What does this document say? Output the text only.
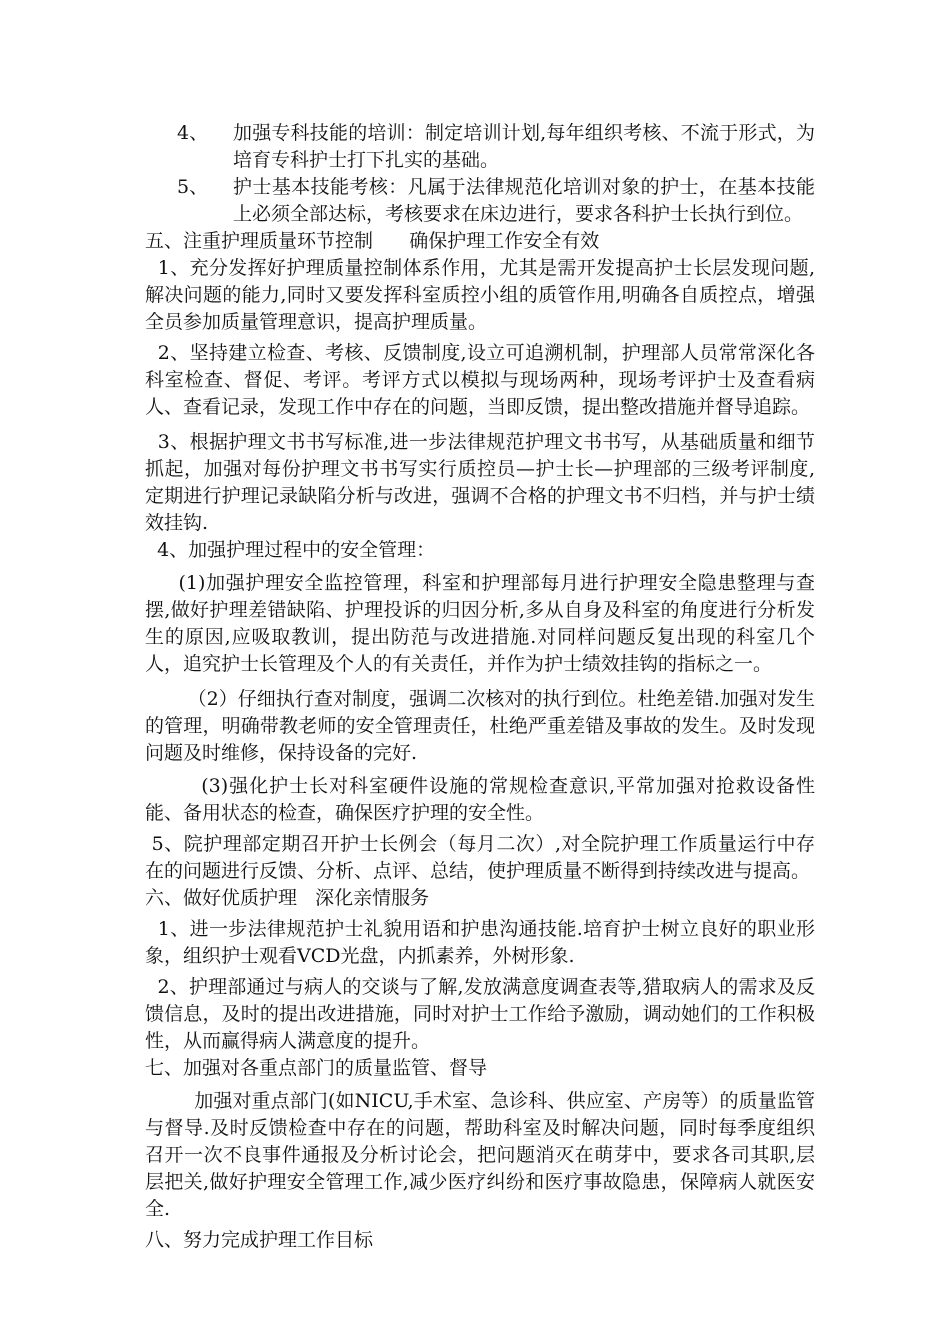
4、	加强专科技能的培训：制定培训计划,每年组织考核、不流于形式，为培育专科护士打下扎实的基础。
5、	护士基本技能考核：凡属于法律规范化培训对象的护士，在基本技能上必须全部达标，考核要求在床边进行，要求各科护士长执行到位。

五、注重护理质量环节控制      确保护理工作安全有效

1、充分发挥好护理质量控制体系作用，尤其是需开发提高护士长层发现问题,解决问题的能力,同时又要发挥科室质控小组的质管作用,明确各自质控点，增强全员参加质量管理意识，提高护理质量。

2、坚持建立检查、考核、反馈制度,设立可追溯机制，护理部人员常常深化各科室检查、督促、考评。考评方式以模拟与现场两种，现场考评护士及查看病人、查看记录，发现工作中存在的问题，当即反馈，提出整改措施并督导追踪。

3、根据护理文书书写标准,进一步法律规范护理文书书写，从基础质量和细节抓起，加强对每份护理文书书写实行质控员—护士长—护理部的三级考评制度,定期进行护理记录缺陷分析与改进，强调不合格的护理文书不归档，并与护士绩效挂钩.

4、加强护理过程中的安全管理：

(1)加强护理安全监控管理，科室和护理部每月进行护理安全隐患整理与查摆,做好护理差错缺陷、护理投诉的归因分析,多从自身及科室的角度进行分析发生的原因,应吸取教训，提出防范与改进措施.对同样问题反复出现的科室几个人，追究护士长管理及个人的有关责任，并作为护士绩效挂钩的指标之一。

（2）仔细执行查对制度，强调二次核对的执行到位。杜绝差错.加强对发生的管理，明确带教老师的安全管理责任，杜绝严重差错及事故的发生。及时发现问题及时维修，保持设备的完好.

(3)强化护士长对科室硬件设施的常规检查意识,平常加强对抢救设备性能、备用状态的检查，确保医疗护理的安全性。

5、院护理部定期召开护士长例会（每月二次）,对全院护理工作质量运行中存在的问题进行反馈、分析、点评、总结，使护理质量不断得到持续改进与提高。

六、做好优质护理   深化亲情服务

1、进一步法律规范护士礼貌用语和护患沟通技能.培育护士树立良好的职业形象，组织护士观看VCD光盘，内抓素养，外树形象.

2、护理部通过与病人的交谈与了解,发放满意度调查表等,猎取病人的需求及反馈信息，及时的提出改进措施，同时对护士工作给予激励，调动她们的工作积极性，从而赢得病人满意度的提升。

七、加强对各重点部门的质量监管、督导

加强对重点部门(如NICU,手术室、急诊科、供应室、产房等）的质量监管与督导.及时反馈检查中存在的问题，帮助科室及时解决问题，同时每季度组织召开一次不良事件通报及分析讨论会，把问题消灭在萌芽中，要求各司其职,层层把关,做好护理安全管理工作,减少医疗纠纷和医疗事故隐患，保障病人就医安全.

八、努力完成护理工作目标
